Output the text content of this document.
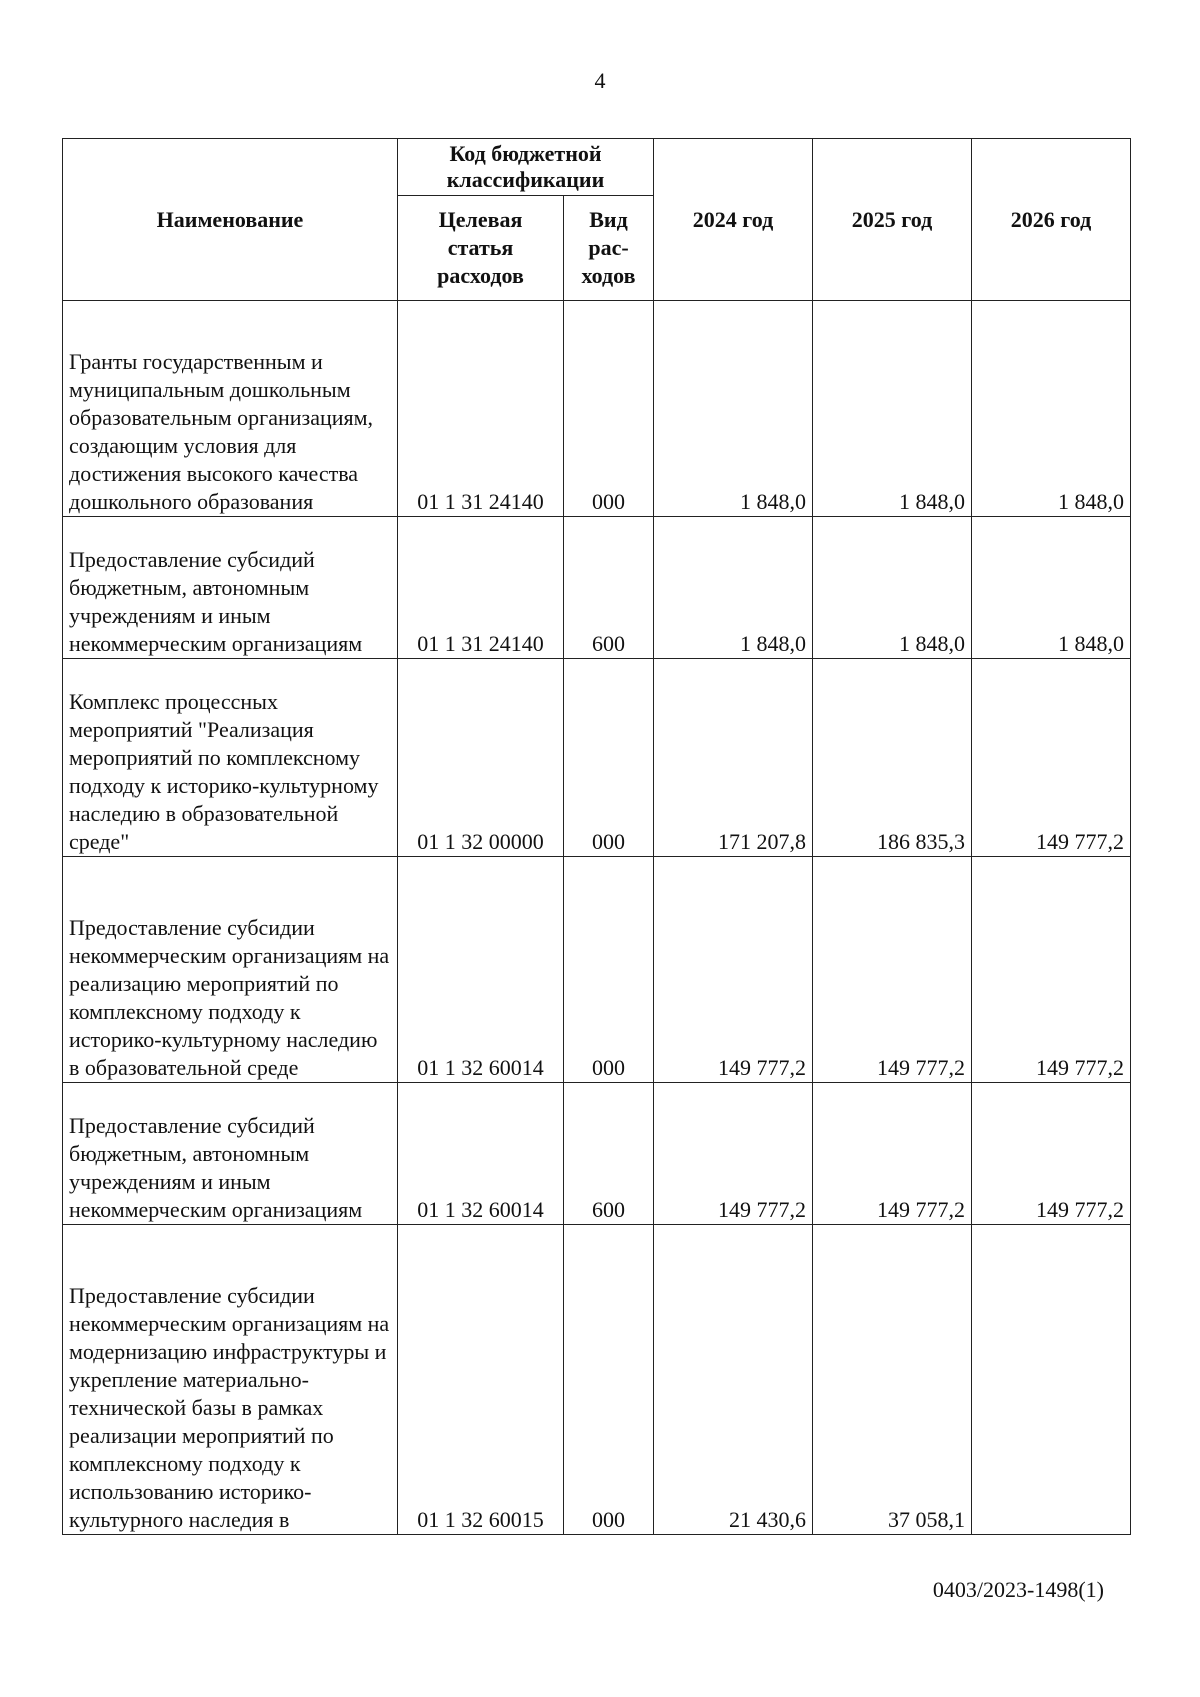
4
Наименование	Код бюджетной классификации		2024 год	2025 год	2026 год
	Целевая статья расходов	Вид рас-ходов			
Гранты государственным и муниципальным дошкольным образовательным организациям, создающим условия для достижения высокого качества дошкольного образования	01 1 31 24140	000	1 848,0	1 848,0	1 848,0
Предоставление субсидий бюджетным, автономным учреждениям и иным некоммерческим организациям	01 1 31 24140	600	1 848,0	1 848,0	1 848,0
Комплекс процессных мероприятий "Реализация мероприятий по комплексному подходу к историко-культурному наследию в образовательной среде"	01 1 32 00000	000	171 207,8	186 835,3	149 777,2
Предоставление субсидии некоммерческим организациям на реализацию мероприятий по комплексному подходу к историко-культурному наследию в образовательной среде	01 1 32 60014	000	149 777,2	149 777,2	149 777,2
Предоставление субсидий бюджетным, автономным учреждениям и иным некоммерческим организациям	01 1 32 60014	600	149 777,2	149 777,2	149 777,2
Предоставление субсидии некоммерческим организациям на модернизацию инфраструктуры и укрепление материально-технической базы в рамках реализации мероприятий по комплексному подходу к использованию историко-культурного наследия в	01 1 32 60015	000	21 430,6	37 058,1	
0403/2023-1498(1)
